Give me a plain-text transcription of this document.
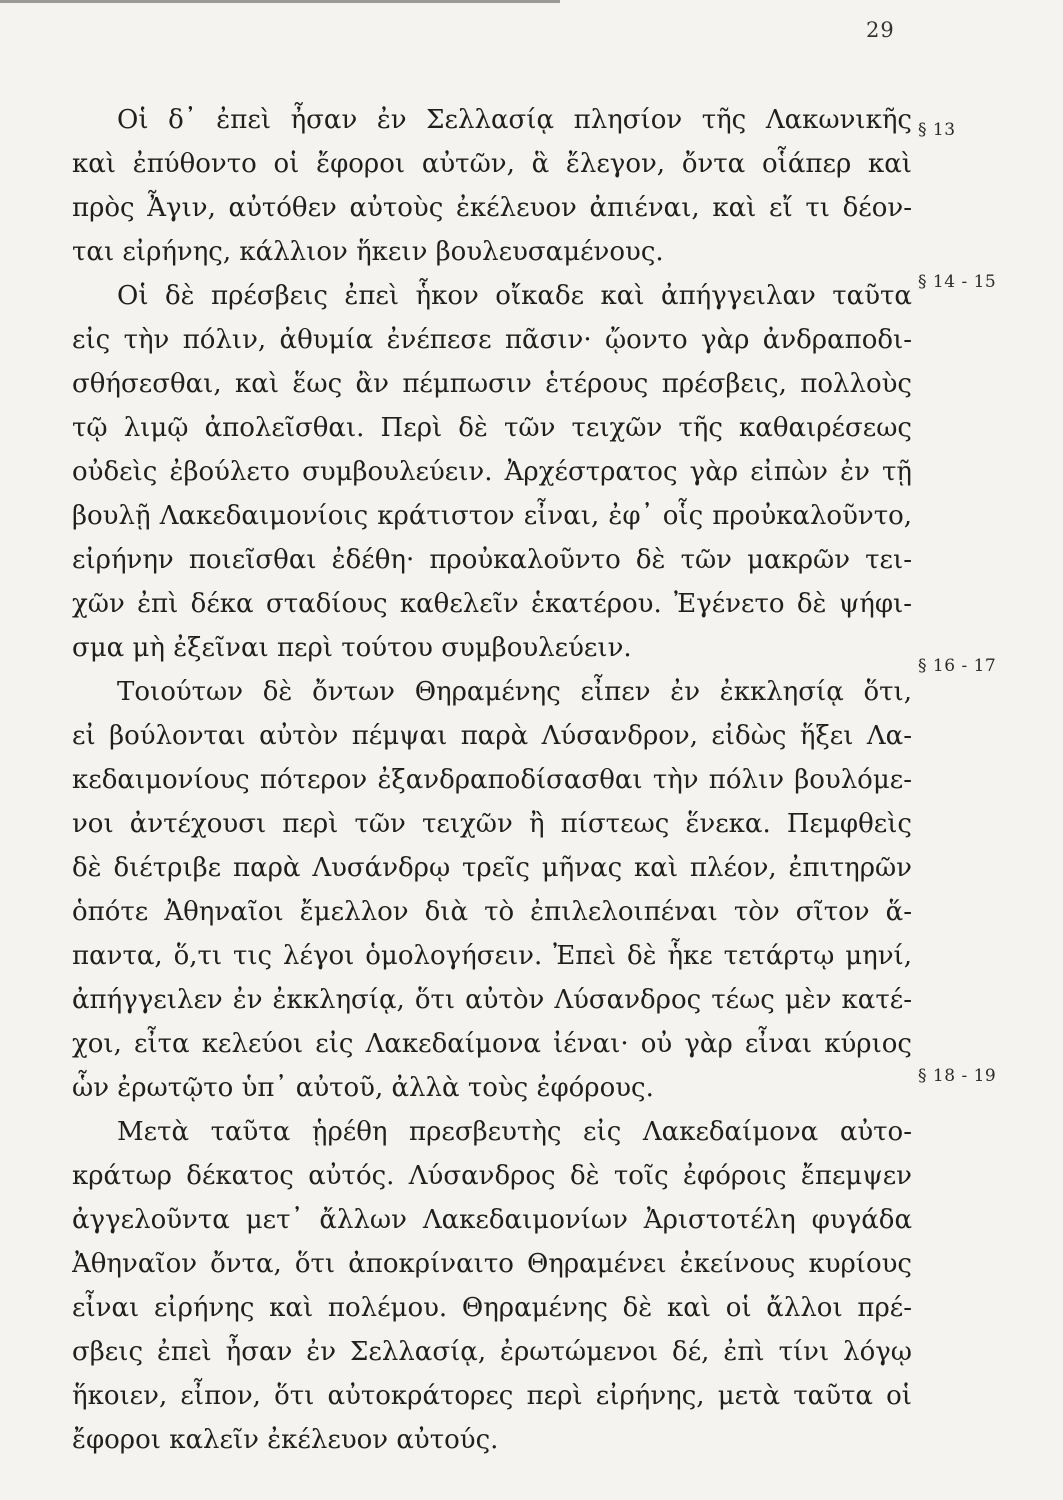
29
Οἱ δ᾿ ἐπεὶ ἦσαν ἐν Σελλασίᾳ πλησίον τῆς Λακωνικῆς
καὶ ἐπύθοντο οἱ ἔφοροι αὐτῶν, ἃ ἔλεγον, ὄντα οἷάπερ καὶ
πρὸς Ἆγιν, αὐτόθεν αὐτοὺς ἐκέλευον ἀπιέναι, καὶ εἴ τι δέον-
ται εἰρήνης, κάλλιον ἥκειν βουλευσαμένους.
Οἱ δὲ πρέσβεις ἐπεὶ ἧκον οἴκαδε καὶ ἀπήγγειλαν ταῦτα
εἰς τὴν πόλιν, ἀθυμία ἐνέπεσε πᾶσιν· ᾤοντο γὰρ ἀνδραποδι-
σθήσεσθαι, καὶ ἕως ἂν πέμπωσιν ἑτέρους πρέσβεις, πολλοὺς
τῷ λιμῷ ἀπολεῖσθαι. Περὶ δὲ τῶν τειχῶν τῆς καθαιρέσεως
οὐδεὶς ἐβούλετο συμβουλεύειν. Ἀρχέστρατος γὰρ εἰπὼν ἐν τῇ
βουλῇ Λακεδαιμονίοις κράτιστον εἶναι, ἐφ᾿ οἷς προὐκαλοῦντο,
εἰρήνην ποιεῖσθαι ἐδέθη· προὐκαλοῦντο δὲ τῶν μακρῶν τει-
χῶν ἐπὶ δέκα σταδίους καθελεῖν ἑκατέρου. Ἐγένετο δὲ ψήφι-
σμα μὴ ἐξεῖναι περὶ τούτου συμβουλεύειν.
Τοιούτων δὲ ὄντων Θηραμένης εἶπεν ἐν ἐκκλησίᾳ ὅτι,
εἰ βούλονται αὐτὸν πέμψαι παρὰ Λύσανδρον, εἰδὼς ἥξει Λα-
κεδαιμονίους πότερον ἐξανδραποδίσασθαι τὴν πόλιν βουλόμε-
νοι ἀντέχουσι περὶ τῶν τειχῶν ἢ πίστεως ἕνεκα. Πεμφθεὶς
δὲ διέτριβε παρὰ Λυσάνδρῳ τρεῖς μῆνας καὶ πλέον, ἐπιτηρῶν
ὁπότε Ἀθηναῖοι ἔμελλον διὰ τὸ ἐπιλελοιπέναι τὸν σῖτον ἅ-
παντα, ὅ,τι τις λέγοι ὁμολογήσειν. Ἐπεὶ δὲ ἧκε τετάρτῳ μηνί,
ἀπήγγειλεν ἐν ἐκκλησίᾳ, ὅτι αὐτὸν Λύσανδρος τέως μὲν κατέ-
χοι, εἶτα κελεύοι εἰς Λακεδαίμονα ἰέναι· οὐ γὰρ εἶναι κύριος
ὧν ἐρωτῷτο ὑπ᾿ αὐτοῦ, ἀλλὰ τοὺς ἐφόρους.
Μετὰ ταῦτα ᾑρέθη πρεσβευτὴς εἰς Λακεδαίμονα αὐτο-
κράτωρ δέκατος αὐτός. Λύσανδρος δὲ τοῖς ἐφόροις ἔπεμψεν
ἀγγελοῦντα μετ᾿ ἄλλων Λακεδαιμονίων Ἀριστοτέλη φυγάδα
Ἀθηναῖον ὄντα, ὅτι ἀποκρίναιτο Θηραμένει ἐκείνους κυρίους
εἶναι εἰρήνης καὶ πολέμου. Θηραμένης δὲ καὶ οἱ ἄλλοι πρέ-
σβεις ἐπεὶ ἦσαν ἐν Σελλασίᾳ, ἐρωτώμενοι δέ, ἐπὶ τίνι λόγῳ
ἥκοιεν, εἶπον, ὅτι αὐτοκράτορες περὶ εἰρήνης, μετὰ ταῦτα οἱ
ἔφοροι καλεῖν ἐκέλευον αὐτούς.
§ 13
§ 14 - 15
§ 16 - 17
§ 18 - 19
